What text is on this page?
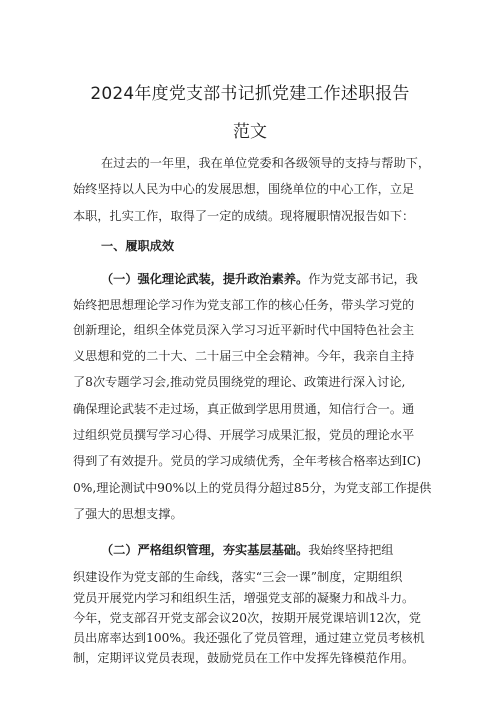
2024年度党支部书记抓党建工作述职报告
范文
在过去的一年里，我在单位党委和各级领导的支持与帮助下，
始终坚持以人民为中心的发展思想，围绕单位的中心工作，立足
本职，扎实工作，取得了一定的成绩。现将履职情况报告如下：
一、履职成效
（一）强化理论武装，提升政治素养。作为党支部书记，我
始终把思想理论学习作为党支部工作的核心任务，带头学习党的
创新理论，组织全体党员深入学习习近平新时代中国特色社会主
义思想和党的二十大、二十届三中全会精神。今年，我亲自主持
了8次专题学习会,推动党员围绕党的理论、政策进行深入讨论,
确保理论武装不走过场，真正做到学思用贯通，知信行合一。通
过组织党员撰写学习心得、开展学习成果汇报，党员的理论水平
得到了有效提升。党员的学习成绩优秀，全年考核合格率达到IC)
0%,理论测试中90%以上的党员得分超过85分，为党支部工作提供
了强大的思想支撑。
（二）严格组织管理，夯实基层基础。我始终坚持把组
织建设作为党支部的生命线，落实“三会一课”制度，定期组织
党员开展党内学习和组织生活，增强党支部的凝聚力和战斗力。
今年，党支部召开党支部会议20次，按期开展党课培训12次，党
员出席率达到100%。我还强化了党员管理，通过建立党员考核机
制，定期评议党员表现，鼓励党员在工作中发挥先锋模范作用。
